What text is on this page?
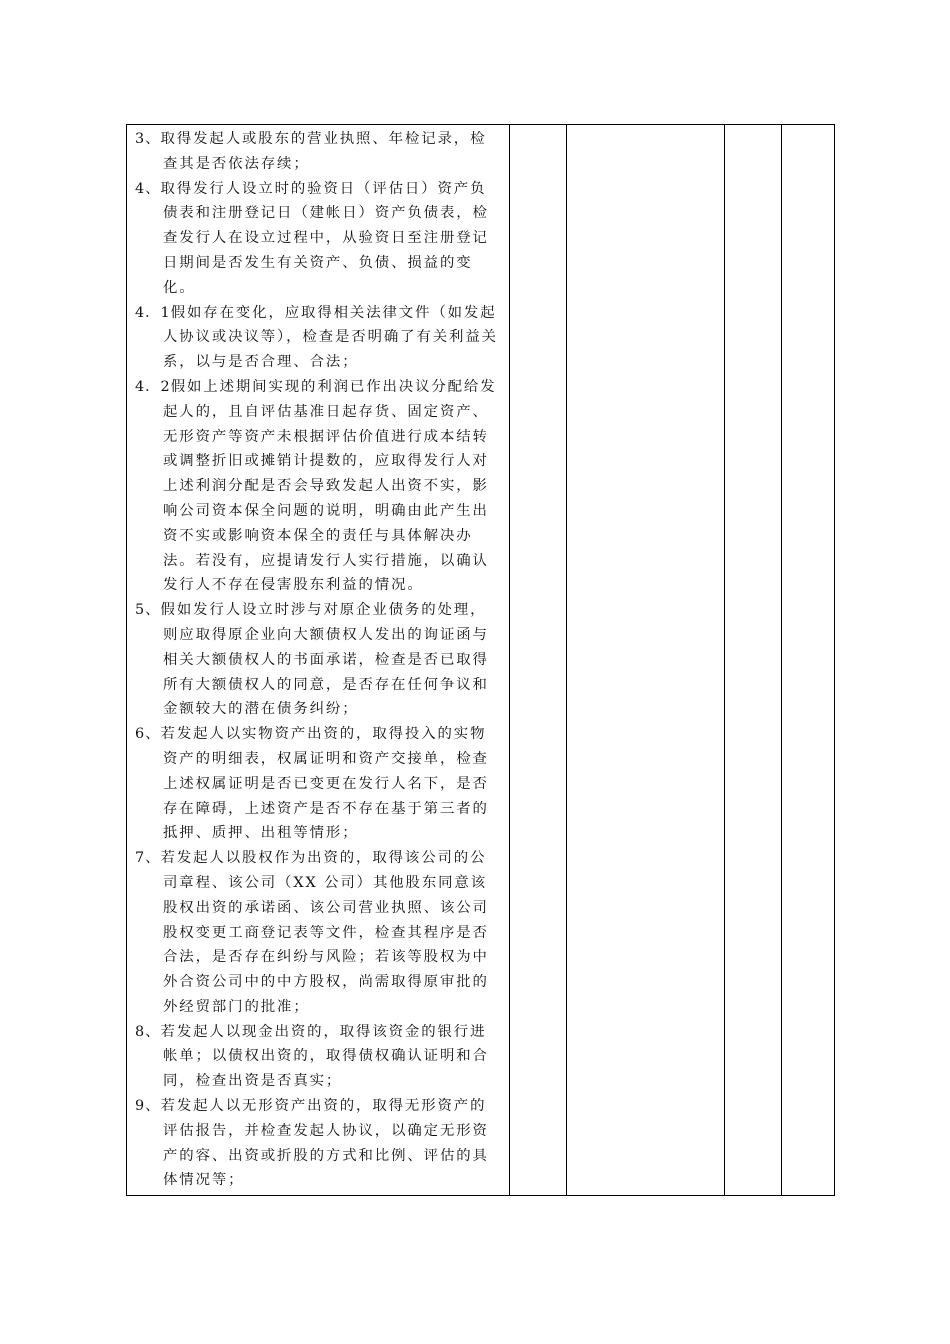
3、取得发起人或股东的营业执照、年检记录，检查其是否依法存续；

4、取得发行人设立时的验资日（评估日）资产负债表和注册登记日（建帐日）资产负债表，检查发行人在设立过程中，从验资日至注册登记日期间是否发生有关资产、负债、损益的变化。

4．1假如存在变化，应取得相关法律文件（如发起人协议或决议等），检查是否明确了有关利益关系，以与是否合理、合法；

4．2假如上述期间实现的利润已作出决议分配给发起人的，且自评估基准日起存货、固定资产、无形资产等资产未根据评估价值进行成本结转或调整折旧或摊销计提数的，应取得发行人对上述利润分配是否会导致发起人出资不实，影响公司资本保全问题的说明，明确由此产生出资不实或影响资本保全的责任与具体解决办法。若没有，应提请发行人实行措施，以确认发行人不存在侵害股东利益的情况。

5、假如发行人设立时涉与对原企业债务的处理，则应取得原企业向大额债权人发出的询证函与相关大额债权人的书面承诺，检查是否已取得所有大额债权人的同意，是否存在任何争议和金额较大的潜在债务纠纷；

6、若发起人以实物资产出资的，取得投入的实物资产的明细表，权属证明和资产交接单，检查上述权属证明是否已变更在发行人名下，是否存在障碍，上述资产是否不存在基于第三者的抵押、质押、出租等情形；

7、若发起人以股权作为出资的，取得该公司的公司章程、该公司（XX 公司）其他股东同意该股权出资的承诺函、该公司营业执照、该公司股权变更工商登记表等文件，检查其程序是否合法，是否存在纠纷与风险；若该等股权为中外合资公司中的中方股权，尚需取得原审批的外经贸部门的批准；

8、若发起人以现金出资的，取得该资金的银行进帐单；以债权出资的，取得债权确认证明和合同，检查出资是否真实；

9、若发起人以无形资产出资的，取得无形资产的评估报告，并检查发起人协议，以确定无形资产的容、出资或折股的方式和比例、评估的具体情况等；
